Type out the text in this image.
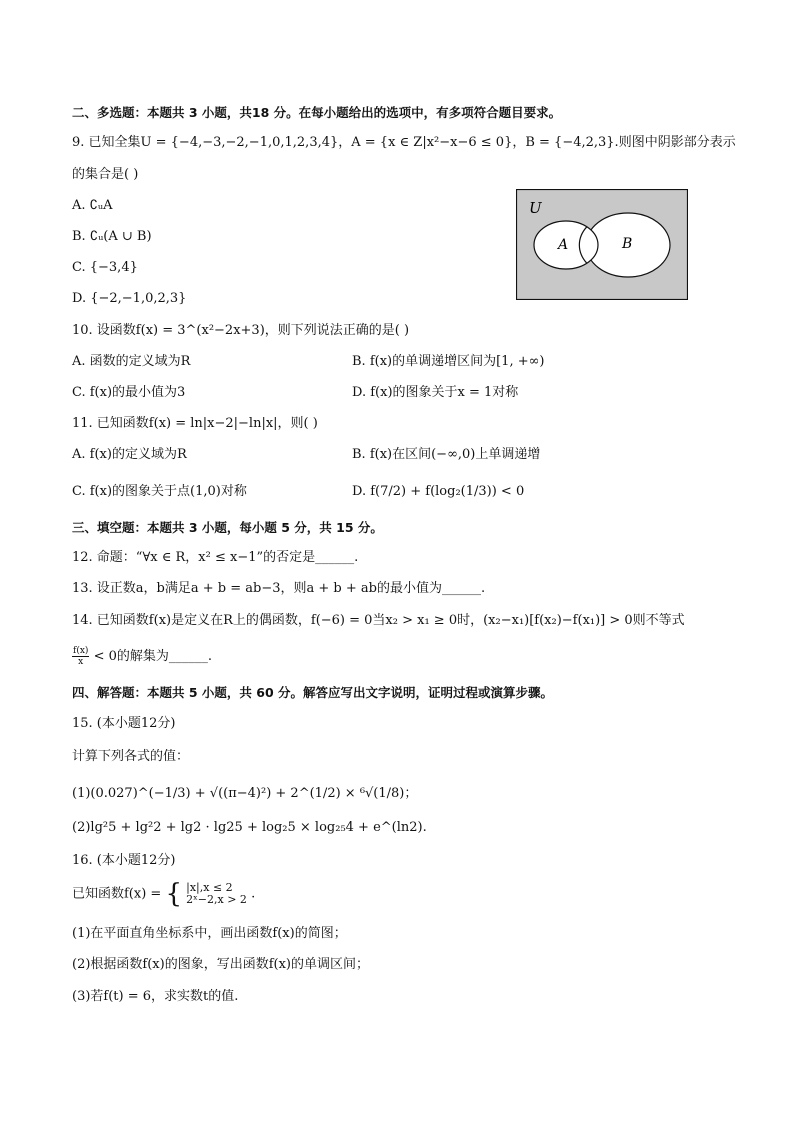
二、多选题：本题共 3 小题，共18 分。在每小题给出的选项中，有多项符合题目要求。
9. 已知全集U = {−4,−3,−2,−1,0,1,2,3,4}，A = {x ∈ Z|x²−x−6 ≤ 0}，B = {−4,2,3}.则图中阴影部分表示
的集合是( )
A. ∁ᵤA
B. ∁ᵤ(A ∪ B)
C. {−3,4}
D. {−2,−1,0,2,3}
U
A	B
10. 设函数f(x) = 3^(x²−2x+3)，则下列说法正确的是( )
A. 函数的定义域为R	B. f(x)的单调递增区间为[1, +∞)
C. f(x)的最小值为3	D. f(x)的图象关于x = 1对称
11. 已知函数f(x) = ln|x−2|−ln|x|，则( )
A. f(x)的定义域为R	B. f(x)在区间(−∞,0)上单调递增
C. f(x)的图象关于点(1,0)对称	D. f(7/2) + f(log₂(1/3)) < 0
三、填空题：本题共 3 小题，每小题 5 分，共 15 分。
12. 命题：“∀x ∈ R，x² ≤ x−1”的否定是______.
13. 设正数a，b满足a + b = ab−3，则a + b + ab的最小值为______.
14. 已知函数f(x)是定义在R上的偶函数，f(−6) = 0当x₂ > x₁ ≥ 0时，(x₂−x₁)[f(x₂)−f(x₁)] > 0则不等式
$\frac{f(x)}{x} < 0$的解集为______.
四、解答题：本题共 5 小题，共 60 分。解答应写出文字说明，证明过程或演算步骤。
15. (本小题12分)
计算下列各式的值：
(1)(0.027)^(−1/3) + √((π−4)²) + 2^(1/2) × ⁶√(1/8)；
(2)lg²5 + lg²2 + lg2 · lg25 + log₂5 × log₂₅4 + e^(ln2).
16. (本小题12分)
已知函数f(x) = { |x|,x ≤ 2
2ˣ−2,x > 2 .
(1)在平面直角坐标系中，画出函数f(x)的简图；
(2)根据函数f(x)的图象，写出函数f(x)的单调区间；
(3)若f(t) = 6，求实数t的值.
